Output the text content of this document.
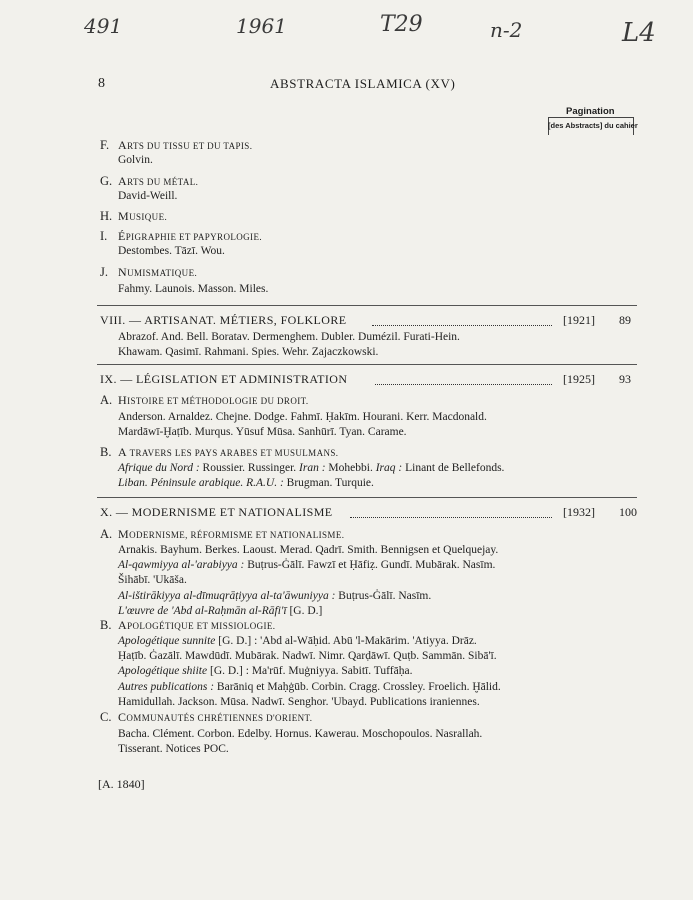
491	1961	T29	n-2	L4
8	ABSTRACTA ISLAMICA (XV)
Pagination
[des Abstracts] du cahier
F. ARTS DU TISSU ET DU TAPIS.

Golvin.

G. ARTS DU MÉTAL.

David-Weill.

H. MUSIQUE.
I. ÉPIGRAPHIE ET PAPYROLOGIE.

Destombes. Tāzī. Wou.

J. NUMISMATIQUE.

Fahmy. Launois. Masson. Miles.

VIII. — ARTISANAT. MÉTIERS, FOLKLORE	[1921] 89

Abrazof. And. Bell. Boratav. Dermenghem. Dubler. Dumézil. Furati-Hein.

Khawam. Qasimī. Rahmani. Spies. Wehr. Zajaczkowski.

IX. — LÉGISLATION ET ADMINISTRATION	[1925] 93
A. HISTOIRE ET MÉTHODOLOGIE DU DROIT.

Anderson. Arnaldez. Chejne. Dodge. Fahmī. Ḥakīm. Hourani. Kerr. Macdonald.

Mardāwī-Ḫaṭīb. Murqus. Yūsuf Mūsa. Sanhūrī. Tyan. Carame.

B. A TRAVERS LES PAYS ARABES ET MUSULMANS.

Afrique du Nord : Roussier. Russinger. Iran : Mohebbi. Iraq : Linant de Bellefonds.

Liban. Péninsule arabique. R.A.U. : Brugman. Turquie.

X. — MODERNISME ET NATIONALISME	[1932] 100
A. MODERNISME, RÉFORMISME ET NATIONALISME.

Arnakis. Bayhum. Berkes. Laoust. Merad. Qadrī. Smith. Bennigsen et Quelquejay.

Al-qawmiyya al-'arabiyya : Buṭrus-Ġālī. Fawzī et Ḥāfiẓ. Gundī. Mubārak. Nasīm.

Šihābī. 'Ukāša.

Al-ištirākiyya al-dīmuqrāṭiyya al-ta'āwuniyya : Buṭrus-Ġālī. Nasīm.

L'œuvre de 'Abd al-Raḥmān al-Rāfi'ī [G. D.]

B. APOLOGÉTIQUE ET MISSIOLOGIE.

Apologétique sunnite [G. D.] : 'Abd al-Wāḥid. Abū 'l-Makārim. 'Atiyya. Drāz.

Ḥaṭīb. Ġazālī. Mawdūdī. Mubārak. Nadwī. Nimr. Qarḍāwī. Quṭb. Sammān. Sibā'ī.

Apologétique shiite [G. D.] : Ma'rūf. Muġniyya. Sabitī. Tuffāḥa.

Autres publications : Barāniq et Maḥġūb. Corbin. Cragg. Crossley. Froelich. Ḫālid.

Hamidullah. Jackson. Mūsa. Nadwī. Senghor. 'Ubayd. Publications iraniennes.

C. COMMUNAUTÉS CHRÉTIENNES D'ORIENT.

Bacha. Clément. Corbon. Edelby. Hornus. Kawerau. Moschopoulos. Nasrallah.

Tisserant. Notices POC.

[A. 1840]
